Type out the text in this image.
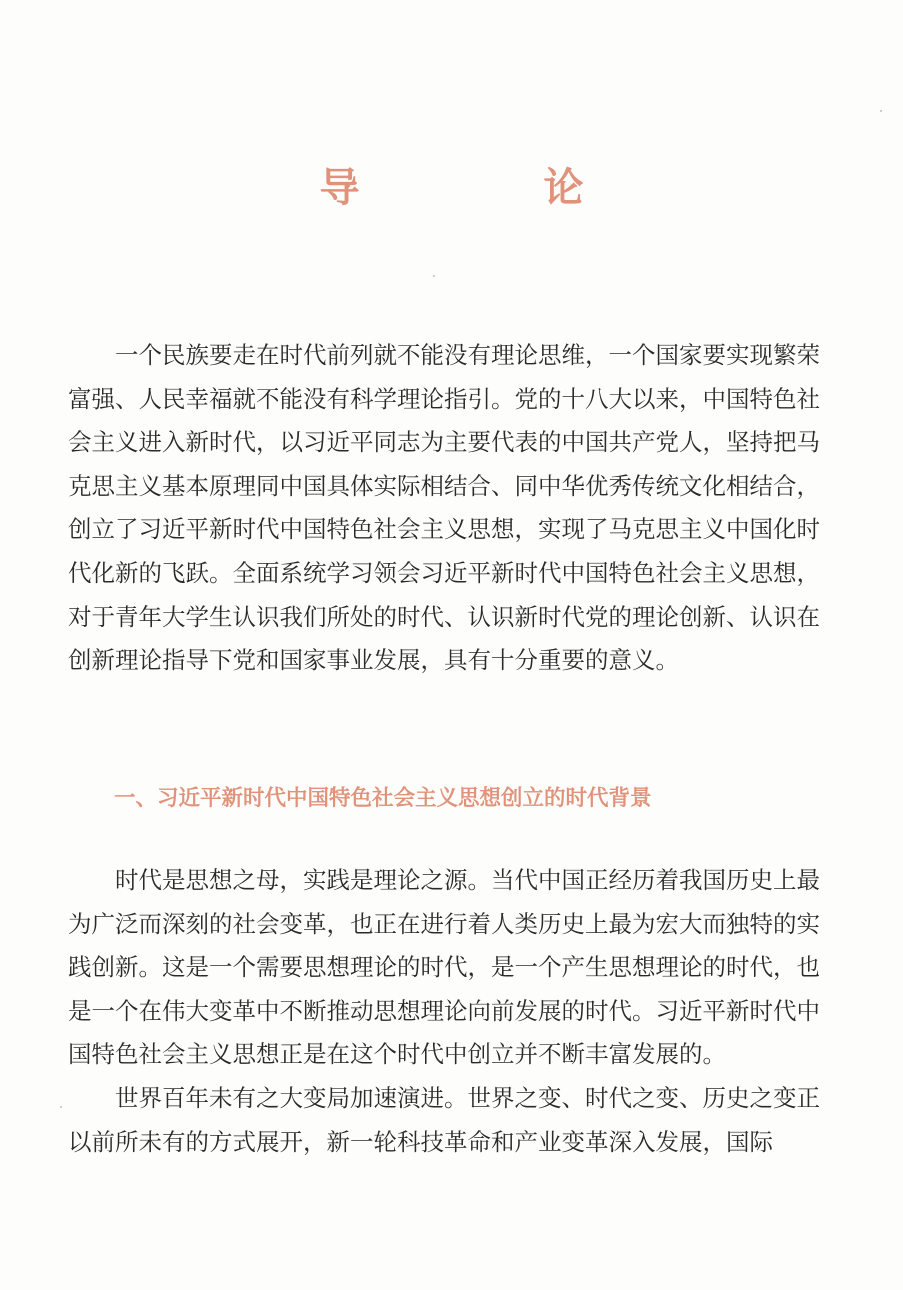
导　论

一个民族要走在时代前列就不能没有理论思维，一个国家要实现繁荣富强、人民幸福就不能没有科学理论指引。党的十八大以来，中国特色社会主义进入新时代，以习近平同志为主要代表的中国共产党人，坚持把马克思主义基本原理同中国具体实际相结合、同中华优秀传统文化相结合，创立了习近平新时代中国特色社会主义思想，实现了马克思主义中国化时代化新的飞跃。全面系统学习领会习近平新时代中国特色社会主义思想，对于青年大学生认识我们所处的时代、认识新时代党的理论创新、认识在创新理论指导下党和国家事业发展，具有十分重要的意义。

一、习近平新时代中国特色社会主义思想创立的时代背景

时代是思想之母，实践是理论之源。当代中国正经历着我国历史上最为广泛而深刻的社会变革，也正在进行着人类历史上最为宏大而独特的实践创新。这是一个需要思想理论的时代，是一个产生思想理论的时代，也是一个在伟大变革中不断推动思想理论向前发展的时代。习近平新时代中国特色社会主义思想正是在这个时代中创立并不断丰富发展的。

世界百年未有之大变局加速演进。世界之变、时代之变、历史之变正以前所未有的方式展开，新一轮科技革命和产业变革深入发展，国际
